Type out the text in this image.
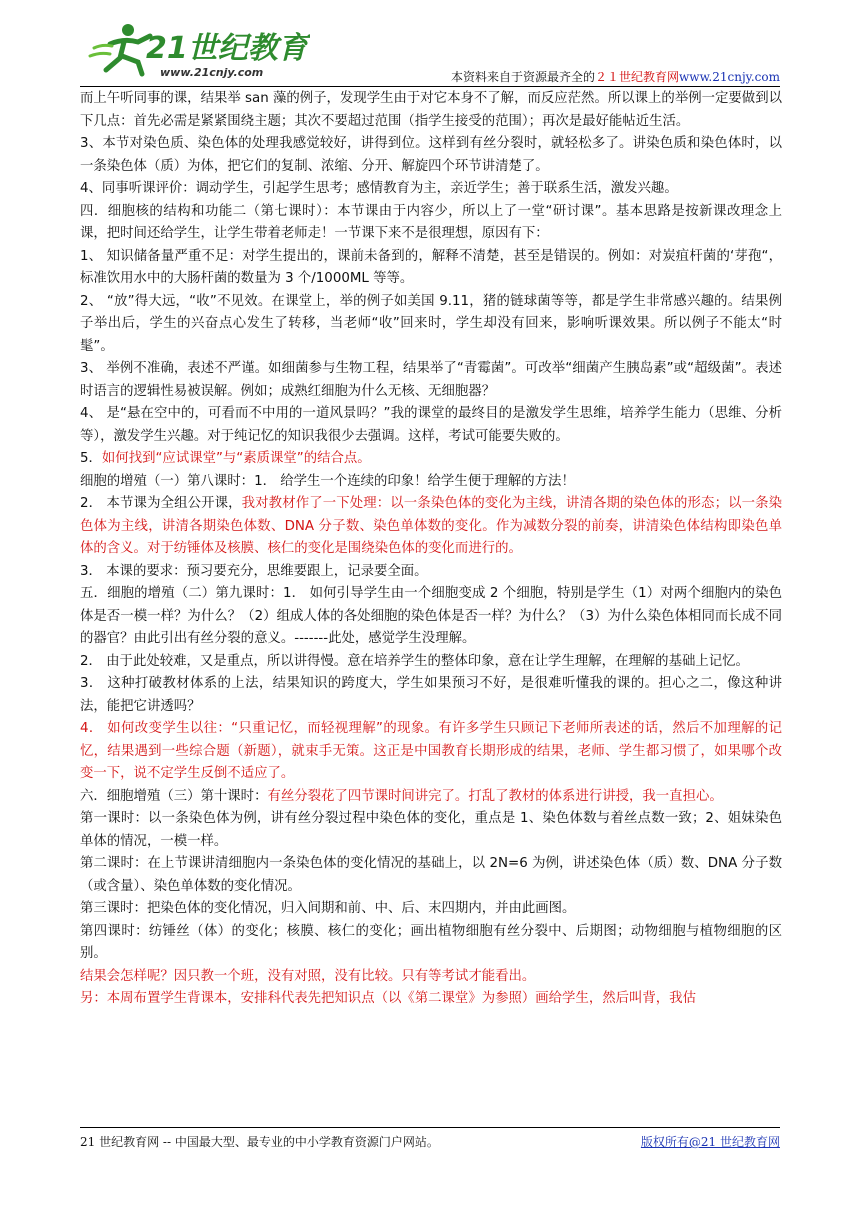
21世纪教育
www.21cnjy.com	本资料来自于资源最齐全的２１世纪教育网www.21cnjy.com

而上午听同事的课，结果举 san 藻的例子，发现学生由于对它本身不了解，而反应茫然。所以课上的举例一定要做到以下几点：首先必需是紧紧围绕主题；其次不要超过范围（指学生接受的范围）；再次是最好能帖近生活。

3、本节对染色质、染色体的处理我感觉较好，讲得到位。这样到有丝分裂时，就轻松多了。讲染色质和染色体时，以一条染色体（质）为体，把它们的复制、浓缩、分开、解旋四个环节讲清楚了。

4、同事听课评价：调动学生，引起学生思考；感情教育为主，亲近学生；善于联系生活，激发兴趣。

四．细胞核的结构和功能二（第七课时）：本节课由于内容少，所以上了一堂“研讨课”。基本思路是按新课改理念上课，把时间还给学生，让学生带着老师走！一节课下来不是很理想，原因有下：

1、 知识储备量严重不足：对学生提出的，课前未备到的，解释不清楚，甚至是错误的。例如：对炭疽杆菌的‘芽孢“，标准饮用水中的大肠杆菌的数量为 3 个/1000ML 等等。

2、 “放”得大远，“收”不见效。在课堂上，举的例子如美国 9.11，猪的链球菌等等，都是学生非常感兴趣的。结果例子举出后，学生的兴奋点心发生了转移，当老师“收”回来时，学生却没有回来，影响听课效果。所以例子不能太“时髦”。

3、 举例不准确，表述不严谨。如细菌参与生物工程，结果举了“青霉菌”。可改举“细菌产生胰岛素”或“超级菌”。表述时语言的逻辑性易被误解。例如；成熟红细胞为什么无核、无细胞器？

4、 是“悬在空中的，可看而不中用的一道风景吗？”我的课堂的最终目的是激发学生思维，培养学生能力（思维、分析等），激发学生兴趣。对于纯记忆的知识我很少去强调。这样，考试可能要失败的。

5．如何找到“应试课堂”与“素质课堂”的结合点。

细胞的增殖（一）第八课时：1． 给学生一个连续的印象！给学生便于理解的方法！

2． 本节课为全组公开课，我对教材作了一下处理：以一条染色体的变化为主线，讲清各期的染色体的形态；以一条染色体为主线，讲清各期染色体数、DNA 分子数、染色单体数的变化。作为减数分裂的前奏，讲清染色体结构即染色单体的含义。对于纺锤体及核膜、核仁的变化是围绕染色体的变化而进行的。

3． 本课的要求：预习要充分，思维要跟上，记录要全面。

五．细胞的增殖（二）第九课时：1． 如何引导学生由一个细胞变成 2 个细胞，特别是学生（1）对两个细胞内的染色体是否一模一样？为什么？（2）组成人体的各处细胞的染色体是否一样？为什么？（3）为什么染色体相同而长成不同的器官？由此引出有丝分裂的意义。-------此处，感觉学生没理解。

2． 由于此处较难，又是重点，所以讲得慢。意在培养学生的整体印象，意在让学生理解，在理解的基础上记忆。

3． 这种打破教材体系的上法，结果知识的跨度大，学生如果预习不好，是很难听懂我的课的。担心之二，像这种讲法，能把它讲透吗？

4． 如何改变学生以往：“只重记忆，而轻视理解”的现象。有许多学生只顾记下老师所表述的话，然后不加理解的记忆，结果遇到一些综合题（新题），就束手无策。这正是中国教育长期形成的结果，老师、学生都习惯了，如果哪个改变一下，说不定学生反倒不适应了。

六．细胞增殖（三）第十课时：有丝分裂花了四节课时间讲完了。打乱了教材的体系进行讲授，我一直担心。

第一课时：以一条染色体为例，讲有丝分裂过程中染色体的变化，重点是 1、染色体数与着丝点数一致；2、姐妹染色单体的情况，一模一样。

第二课时：在上节课讲清细胞内一条染色体的变化情况的基础上，以 2N=6 为例，讲述染色体（质）数、DNA 分子数（或含量）、染色单体数的变化情况。

第三课时：把染色体的变化情况，归入间期和前、中、后、末四期内，并由此画图。

第四课时：纺锤丝（体）的变化；核膜、核仁的变化；画出植物细胞有丝分裂中、后期图；动物细胞与植物细胞的区别。

结果会怎样呢？因只教一个班，没有对照，没有比较。只有等考试才能看出。

另：本周布置学生背课本，安排科代表先把知识点（以《第二课堂》为参照）画给学生，然后叫背，我估

21 世纪教育网 -- 中国最大型、最专业的中小学教育资源门户网站。	版权所有@21 世纪教育网
